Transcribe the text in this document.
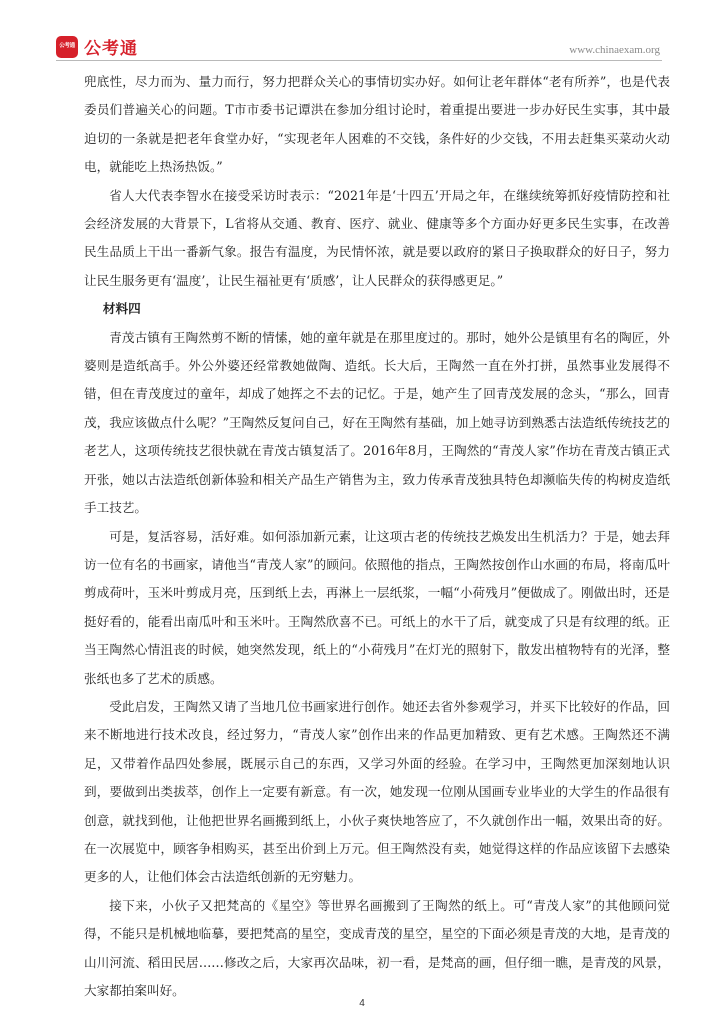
公考通 公考通	www.chinaexam.org

兜底性，尽力而为、量力而行，努力把群众关心的事情切实办好。如何让老年群体“老有所养”，也是代表委员们普遍关心的问题。T市市委书记谭洪在参加分组讨论时，着重提出要进一步办好民生实事，其中最迫切的一条就是把老年食堂办好，“实现老年人困难的不交钱，条件好的少交钱，不用去赶集买菜动火动电，就能吃上热汤热饭。”

省人大代表李智水在接受采访时表示：“2021年是‘十四五’开局之年，在继续统筹抓好疫情防控和社会经济发展的大背景下，L省将从交通、教育、医疗、就业、健康等多个方面办好更多民生实事，在改善民生品质上干出一番新气象。报告有温度，为民情怀浓，就是要以政府的紧日子换取群众的好日子，努力让民生服务更有‘温度’，让民生福祉更有‘质感’，让人民群众的获得感更足。”

材料四

青茂古镇有王陶然剪不断的情愫，她的童年就是在那里度过的。那时，她外公是镇里有名的陶匠，外婆则是造纸高手。外公外婆还经常教她做陶、造纸。长大后，王陶然一直在外打拼，虽然事业发展得不错，但在青茂度过的童年，却成了她挥之不去的记忆。于是，她产生了回青茂发展的念头，“那么，回青茂，我应该做点什么呢？”王陶然反复问自己，好在王陶然有基础，加上她寻访到熟悉古法造纸传统技艺的老艺人，这项传统技艺很快就在青茂古镇复活了。2016年8月，王陶然的“青茂人家”作坊在青茂古镇正式开张，她以古法造纸创新体验和相关产品生产销售为主，致力传承青茂独具特色却濒临失传的构树皮造纸手工技艺。

可是，复活容易，活好难。如何添加新元素，让这项古老的传统技艺焕发出生机活力？于是，她去拜访一位有名的书画家，请他当“青茂人家”的顾问。依照他的指点，王陶然按创作山水画的布局，将南瓜叶剪成荷叶，玉米叶剪成月亮，压到纸上去，再淋上一层纸浆，一幅“小荷残月”便做成了。刚做出时，还是挺好看的，能看出南瓜叶和玉米叶。王陶然欣喜不已。可纸上的水干了后，就变成了只是有纹理的纸。正当王陶然心情沮丧的时候，她突然发现，纸上的“小荷残月”在灯光的照射下，散发出植物特有的光泽，整张纸也多了艺术的质感。

受此启发，王陶然又请了当地几位书画家进行创作。她还去省外参观学习，并买下比较好的作品，回来不断地进行技术改良，经过努力，“青茂人家”创作出来的作品更加精致、更有艺术感。王陶然还不满足，又带着作品四处参展，既展示自己的东西，又学习外面的经验。在学习中，王陶然更加深刻地认识到，要做到出类拔萃，创作上一定要有新意。有一次，她发现一位刚从国画专业毕业的大学生的作品很有创意，就找到他，让他把世界名画搬到纸上，小伙子爽快地答应了，不久就创作出一幅，效果出奇的好。在一次展览中，顾客争相购买，甚至出价到上万元。但王陶然没有卖，她觉得这样的作品应该留下去感染更多的人，让他们体会古法造纸创新的无穷魅力。

接下来，小伙子又把梵高的《星空》等世界名画搬到了王陶然的纸上。可“青茂人家”的其他顾问觉得，不能只是机械地临摹，要把梵高的星空，变成青茂的星空，星空的下面必须是青茂的大地，是青茂的山川河流、稻田民居……修改之后，大家再次品味，初一看，是梵高的画，但仔细一瞧，是青茂的风景，大家都拍案叫好。

4
